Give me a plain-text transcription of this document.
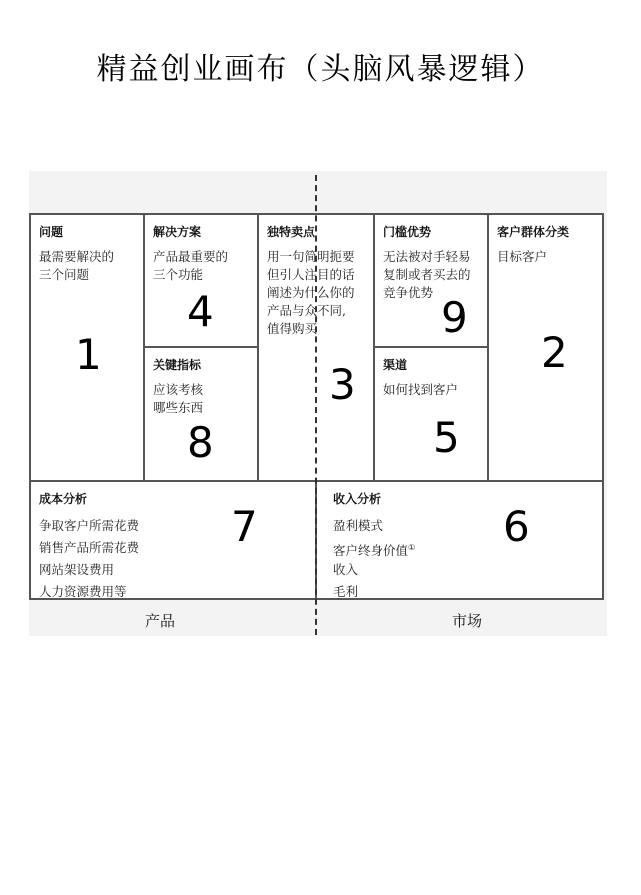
精益创业画布（头脑风暴逻辑）
问题
最需要解决的
三个问题
1
解决方案
产品最重要的
三个功能
4
关键指标
应该考核
哪些东西
8
独特卖点
用一句简明扼要
但引人注目的话
阐述为什么你的
产品与众不同,
值得购买
3
门槛优势
无法被对手轻易
复制或者买去的
竞争优势
9
渠道
如何找到客户
5
客户群体分类
目标客户
2
成本分析
争取客户所需花费
销售产品所需花费
网站架设费用
人力资源费用等
7
收入分析
盈利模式
客户终身价值①
收入
毛利
6
产品	市场
